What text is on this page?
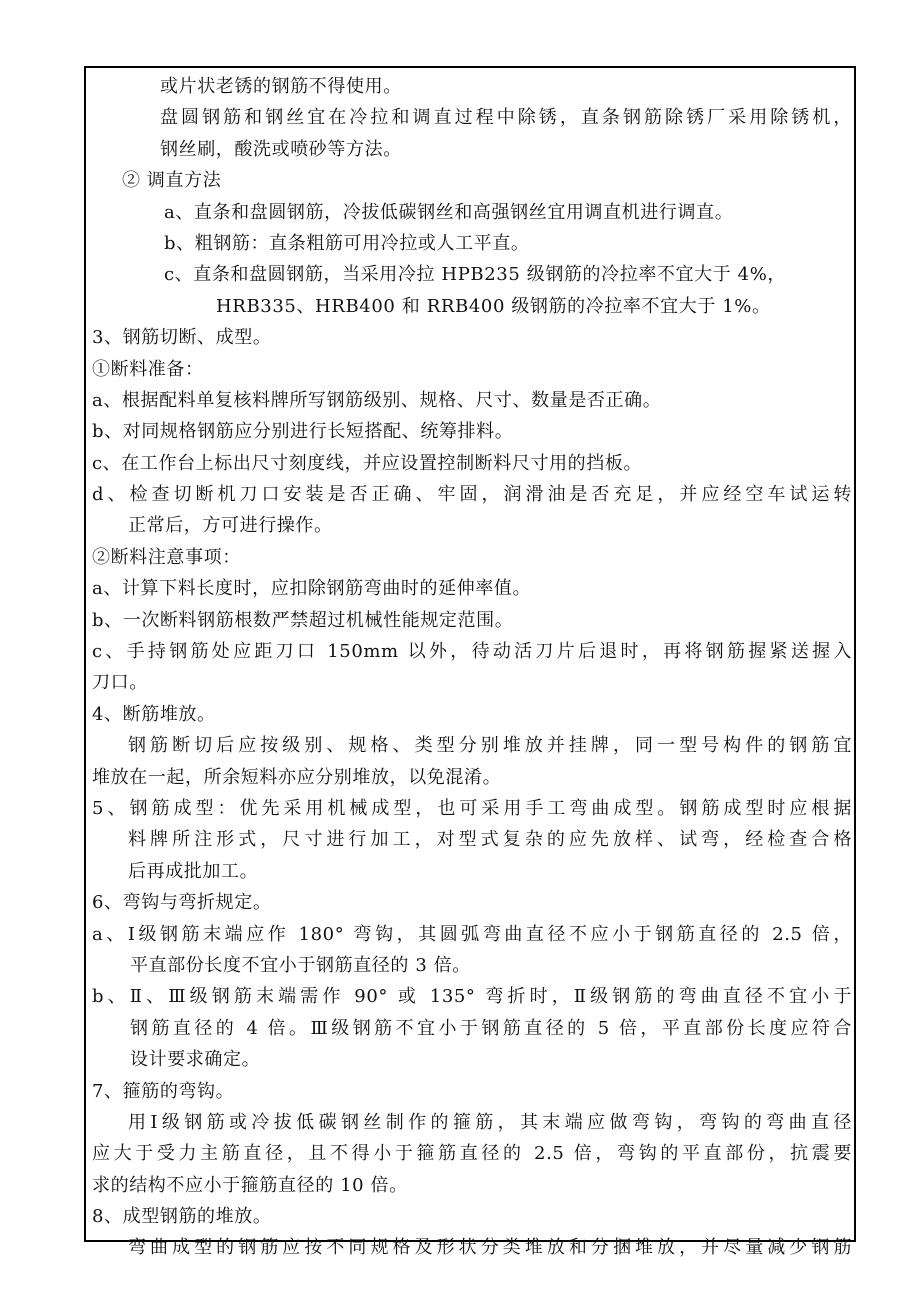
或片状老锈的钢筋不得使用。
盘圆钢筋和钢丝宜在冷拉和调直过程中除锈，直条钢筋除锈厂采用除锈机，
钢丝刷，酸洗或喷砂等方法。
② 调直方法
a、直条和盘圆钢筋，冷拔低碳钢丝和高强钢丝宜用调直机进行调直。
b、粗钢筋：直条粗筋可用冷拉或人工平直。
c、直条和盘圆钢筋，当采用冷拉 HPB235 级钢筋的冷拉率不宜大于 4%，
HRB335、HRB400 和 RRB400 级钢筋的冷拉率不宜大于 1%。
3、钢筋切断、成型。
①断料准备：
a、根据配料单复核料牌所写钢筋级别、规格、尺寸、数量是否正确。
b、对同规格钢筋应分别进行长短搭配、统筹排料。
c、在工作台上标出尺寸刻度线，并应设置控制断料尺寸用的挡板。
d、检查切断机刀口安装是否正确、牢固，润滑油是否充足，并应经空车试运转
正常后，方可进行操作。
②断料注意事项：
a、计算下料长度时，应扣除钢筋弯曲时的延伸率值。
b、一次断料钢筋根数严禁超过机械性能规定范围。
c、手持钢筋处应距刀口 150mm 以外，待动活刀片后退时，再将钢筋握紧送握入
刀口。
4、断筋堆放。
钢筋断切后应按级别、规格、类型分别堆放并挂牌，同一型号构件的钢筋宜
堆放在一起，所余短料亦应分别堆放，以免混淆。
5、钢筋成型：优先采用机械成型，也可采用手工弯曲成型。钢筋成型时应根据
料牌所注形式，尺寸进行加工，对型式复杂的应先放样、试弯，经检查合格
后再成批加工。
6、弯钩与弯折规定。
a、Ⅰ级钢筋末端应作 180° 弯钩，其圆弧弯曲直径不应小于钢筋直径的 2.5 倍，
平直部份长度不宜小于钢筋直径的 3 倍。
b、Ⅱ、Ⅲ级钢筋末端需作 90° 或 135° 弯折时，Ⅱ级钢筋的弯曲直径不宜小于
钢筋直径的 4 倍。Ⅲ级钢筋不宜小于钢筋直径的 5 倍，平直部份长度应符合
设计要求确定。
7、箍筋的弯钩。
用Ⅰ级钢筋或冷拔低碳钢丝制作的箍筋，其末端应做弯钩，弯钩的弯曲直径
应大于受力主筋直径，且不得小于箍筋直径的 2.5 倍，弯钩的平直部份，抗震要
求的结构不应小于箍筋直径的 10 倍。
8、成型钢筋的堆放。
弯曲成型的钢筋应按不同规格及形状分类堆放和分捆堆放，并尽量减少钢筋
